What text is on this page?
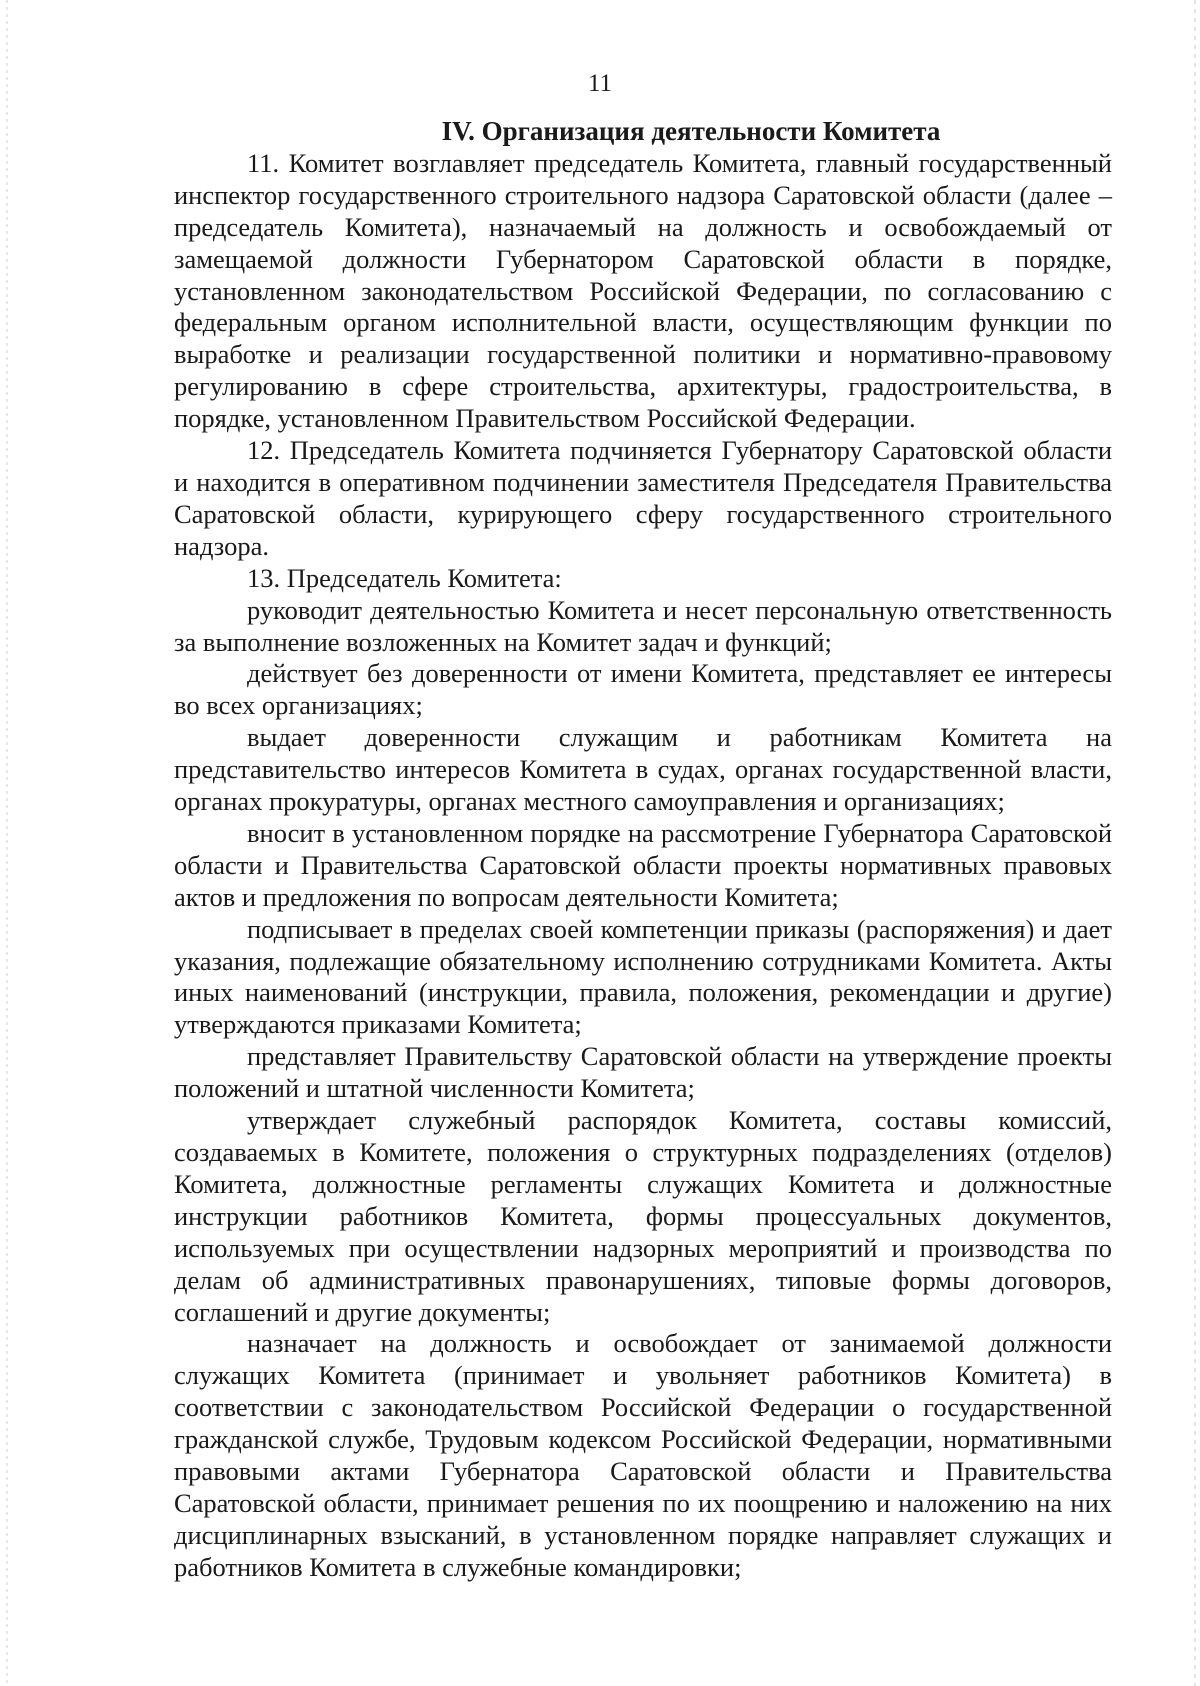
11

IV. Организация деятельности Комитета

11. Комитет возглавляет председатель Комитета, главный государственный инспектор государственного строительного надзора Саратовской области (далее – председатель Комитета), назначаемый на должность и освобождаемый от замещаемой должности Губернатором Саратовской области в порядке, установленном законодательством Российской Федерации, по согласованию с федеральным органом исполнительной власти, осуществляющим функции по выработке и реализации государственной политики и нормативно-правовому регулированию в сфере строительства, архитектуры, градостроительства, в порядке, установленном Правительством Российской Федерации.

12. Председатель Комитета подчиняется Губернатору Саратовской области и находится в оперативном подчинении заместителя Председателя Правительства Саратовской области, курирующего сферу государственного строительного надзора.

13. Председатель Комитета:

руководит деятельностью Комитета и несет персональную ответственность за выполнение возложенных на Комитет задач и функций;

действует без доверенности от имени Комитета, представляет ее интересы во всех организациях;

выдает доверенности служащим и работникам Комитета на представительство интересов Комитета в судах, органах государственной власти, органах прокуратуры, органах местного самоуправления и организациях;

вносит в установленном порядке на рассмотрение Губернатора Саратовской области и Правительства Саратовской области проекты нормативных правовых актов и предложения по вопросам деятельности Комитета;

подписывает в пределах своей компетенции приказы (распоряжения) и дает указания, подлежащие обязательному исполнению сотрудниками Комитета. Акты иных наименований (инструкции, правила, положения, рекомендации и другие) утверждаются приказами Комитета;

представляет Правительству Саратовской области на утверждение проекты положений и штатной численности Комитета;

утверждает служебный распорядок Комитета, составы комиссий, создаваемых в Комитете, положения о структурных подразделениях (отделов) Комитета, должностные регламенты служащих Комитета и должностные инструкции работников Комитета, формы процессуальных документов, используемых при осуществлении надзорных мероприятий и производства по делам об административных правонарушениях, типовые формы договоров, соглашений и другие документы;

назначает на должность и освобождает от занимаемой должности служащих Комитета (принимает и увольняет работников Комитета) в соответствии с законодательством Российской Федерации о государственной гражданской службе, Трудовым кодексом Российской Федерации, нормативными правовыми актами Губернатора Саратовской области и Правительства Саратовской области, принимает решения по их поощрению и наложению на них дисциплинарных взысканий, в установленном порядке направляет служащих и работников Комитета в служебные командировки;
